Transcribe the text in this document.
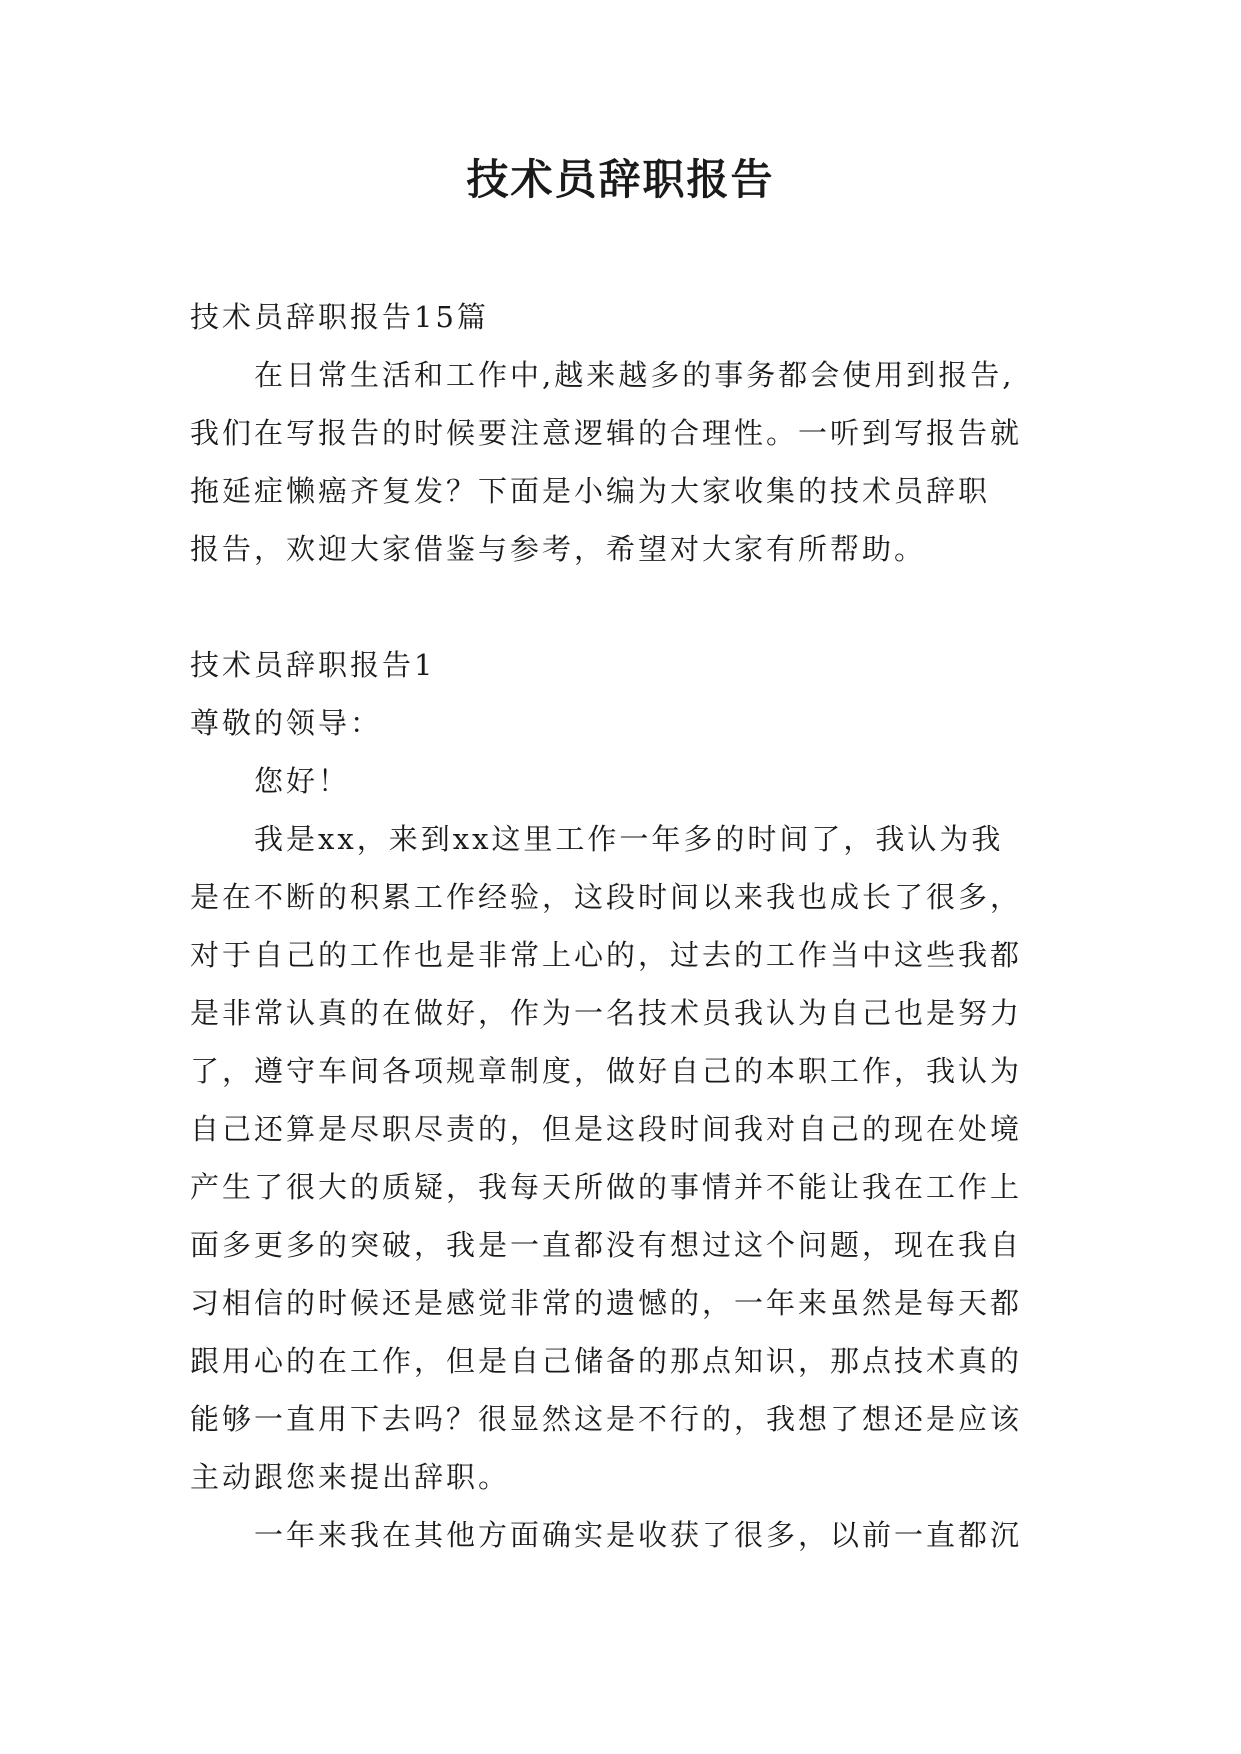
技术员辞职报告
技术员辞职报告15篇
在日常生活和工作中,越来越多的事务都会使用到报告,
我们在写报告的时候要注意逻辑的合理性。一听到写报告就
拖延症懒癌齐复发？下面是小编为大家收集的技术员辞职
报告，欢迎大家借鉴与参考，希望对大家有所帮助。
技术员辞职报告1
尊敬的领导：
您好！
我是xx，来到xx这里工作一年多的时间了，我认为我
是在不断的积累工作经验，这段时间以来我也成长了很多，
对于自己的工作也是非常上心的，过去的工作当中这些我都
是非常认真的在做好，作为一名技术员我认为自己也是努力
了，遵守车间各项规章制度，做好自己的本职工作，我认为
自己还算是尽职尽责的，但是这段时间我对自己的现在处境
产生了很大的质疑，我每天所做的事情并不能让我在工作上
面多更多的突破，我是一直都没有想过这个问题，现在我自
习相信的时候还是感觉非常的遗憾的，一年来虽然是每天都
跟用心的在工作，但是自己储备的那点知识，那点技术真的
能够一直用下去吗？很显然这是不行的，我想了想还是应该
主动跟您来提出辞职。
一年来我在其他方面确实是收获了很多，以前一直都沉
